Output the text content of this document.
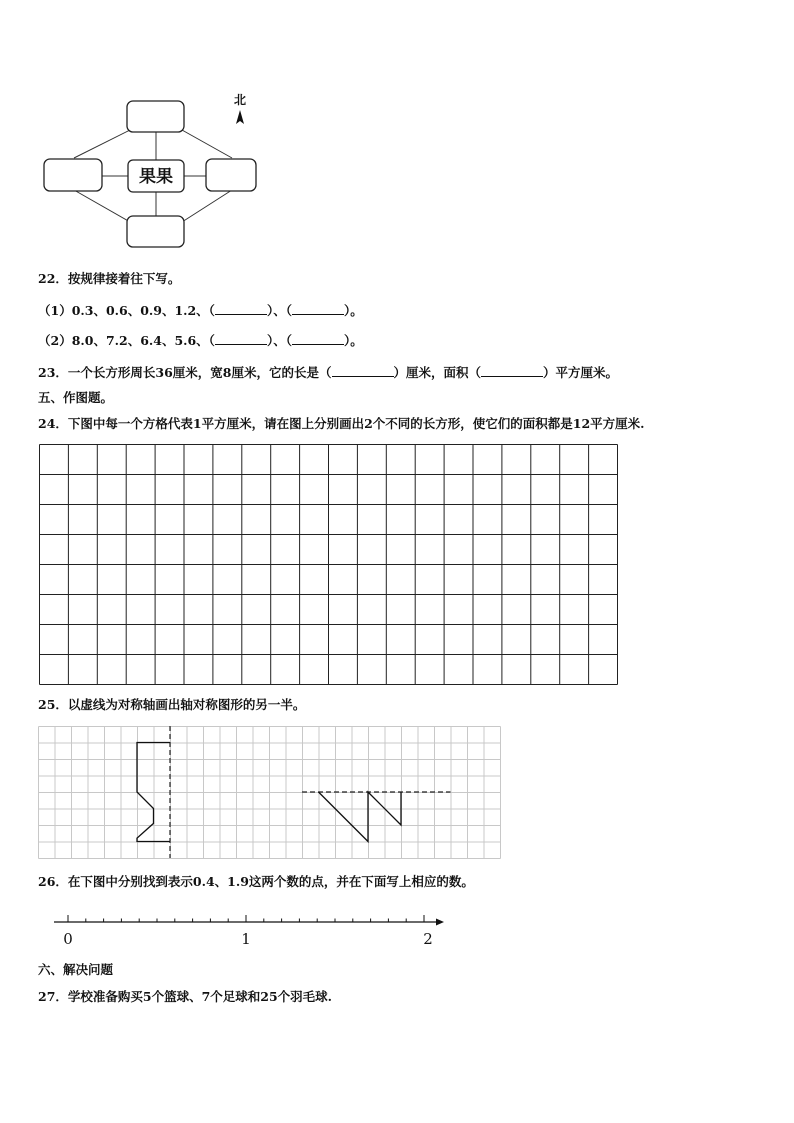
果果
北
22．按规律接着往下写。
（1）0.3、0.6、0.9、1.2、（	）、（	）。
（2）8.0、7.2、6.4、5.6、（	）、（	）。
23．一个长方形周长36厘米，宽8厘米，它的长是（	）厘米，面积（	）平方厘米。
五、作图题。
24．下图中每一个方格代表1平方厘米，请在图上分别画出2个不同的长方形，使它们的面积都是12平方厘米.
25．以虚线为对称轴画出轴对称图形的另一半。
26．在下图中分别找到表示0.4、1.9这两个数的点，并在下面写上相应的数。
0	1	2
六、解决问题
27．学校准备购买5个篮球、7个足球和25个羽毛球.
